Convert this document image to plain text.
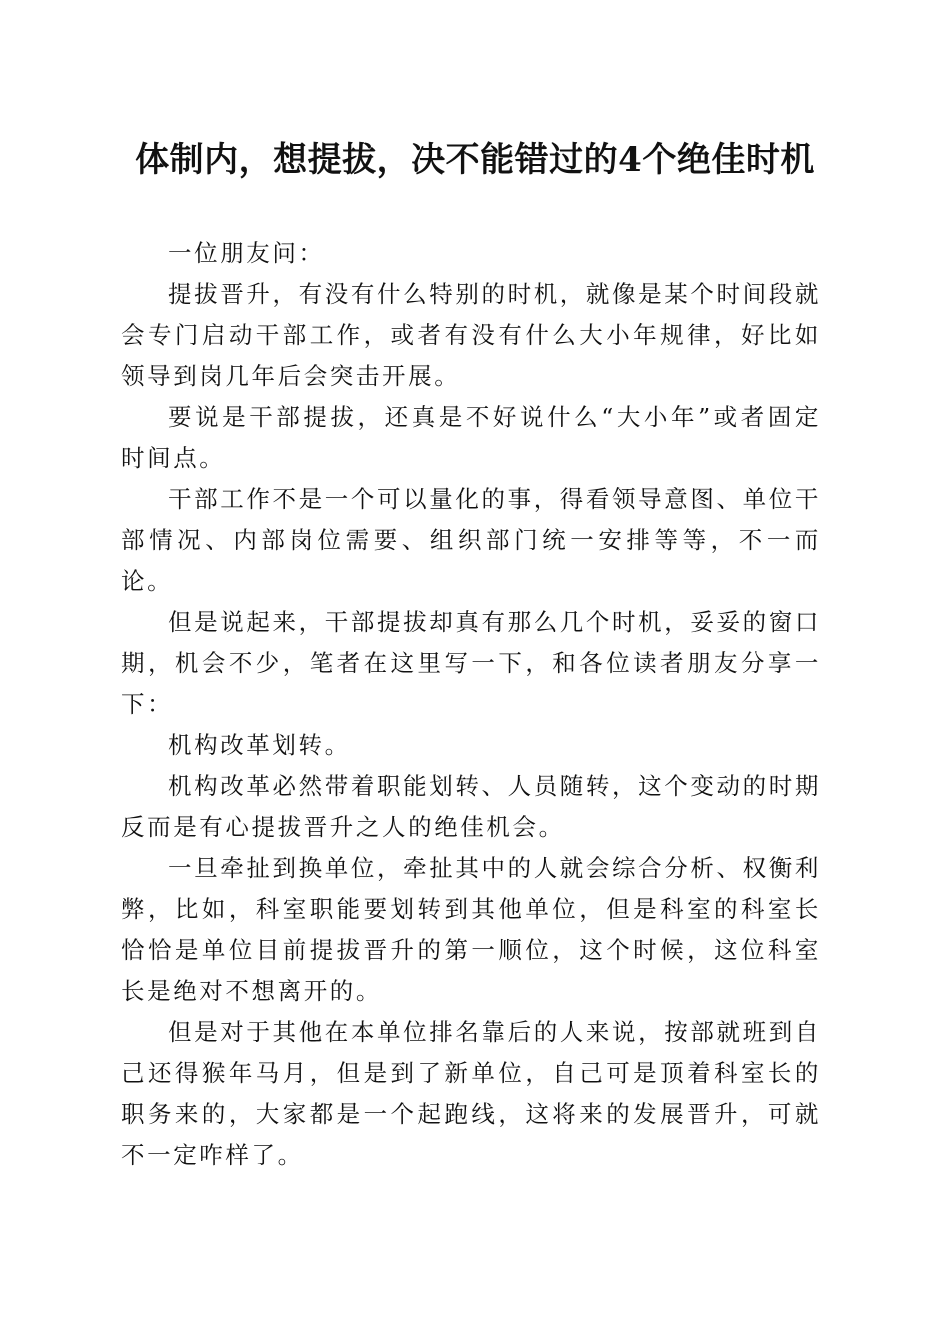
体制内，想提拔，决不能错过的4个绝佳时机

一位朋友问：

提拔晋升，有没有什么特别的时机，就像是某个时间段就会专门启动干部工作，或者有没有什么大小年规律，好比如领导到岗几年后会突击开展。

要说是干部提拔，还真是不好说什么“大小年”或者固定时间点。

干部工作不是一个可以量化的事，得看领导意图、单位干部情况、内部岗位需要、组织部门统一安排等等，不一而论。

但是说起来，干部提拔却真有那么几个时机，妥妥的窗口期，机会不少，笔者在这里写一下，和各位读者朋友分享一下：

机构改革划转。

机构改革必然带着职能划转、人员随转，这个变动的时期反而是有心提拔晋升之人的绝佳机会。

一旦牵扯到换单位，牵扯其中的人就会综合分析、权衡利弊，比如，科室职能要划转到其他单位，但是科室的科室长恰恰是单位目前提拔晋升的第一顺位，这个时候，这位科室长是绝对不想离开的。

但是对于其他在本单位排名靠后的人来说，按部就班到自己还得猴年马月，但是到了新单位，自己可是顶着科室长的职务来的，大家都是一个起跑线，这将来的发展晋升，可就不一定咋样了。
